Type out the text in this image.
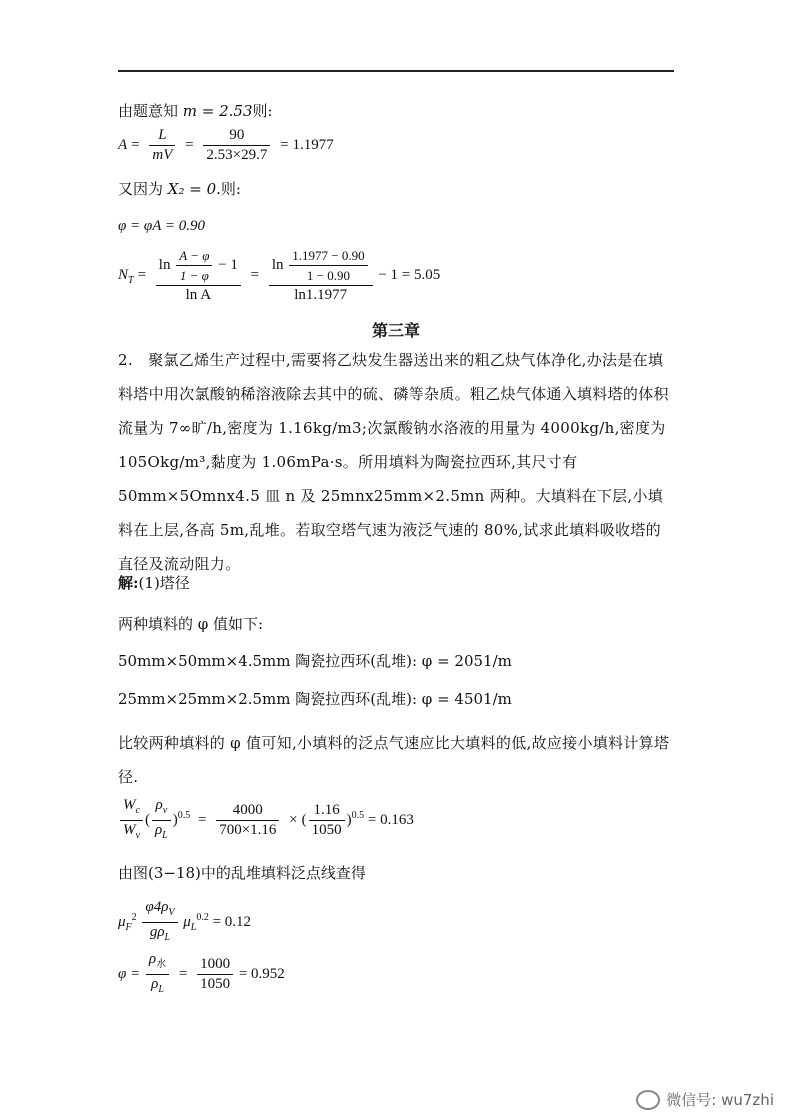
由题意知 m = 2.53则:
$A = \frac{L}{mV} = \frac{90}{2.53\times 29.7} = 1.1977$
又因为 X₂ = 0.则:
φ = φA = 0.90
$N_T = \frac{\ln \frac{A - \varphi}{1 - \varphi} - 1}{\text{ln A}} = \frac{\ln \frac{1.1977 - 0.90}{1 - 0.90}}{\ln 1.1977} - 1 = 5.05$
第三章
2.　聚氯乙烯生产过程中,需要将乙炔发生器送出来的粗乙炔气体净化,办法是在填料塔中用次氯酸钠稀溶液除去其中的硫、磷等杂质。粗乙炔气体通入填料塔的体积流量为 7∞旷/h,密度为 1.16kg/m3;次氯酸钠水洛液的用量为 4000kg/h,密度为 105Okg/m³,黏度为 1.06mPa·s。所用填料为陶瓷拉西环,其尺寸有 50mm×5Omnx4.5 皿 n 及 25mnx25mm×2.5mn 两种。大填料在下层,小填料在上层,各高 5m,乱堆。若取空塔气速为液泛气速的 80%,试求此填料吸收塔的直径及流动阻力。
解:(1)塔径
两种填料的 φ 值如下:
50mm×50mm×4.5mm 陶瓷拉西环(乱堆): φ = 2051/m
25mm×25mm×2.5mm 陶瓷拉西环(乱堆): φ = 4501/m
比较两种填料的 φ 值可知,小填料的泛点气速应比大填料的低,故应接小填料计算塔径.
$\frac{W_c}{W_v}$ ( $\frac{\rho_v}{\rho_L} )^{0.5} = \frac{4000}{700\times 1.16}$ × ( $\frac{1.16}{1050} )^{0.5} = 0.163$
由图(3−18)中的乱堆填料泛点线查得
$\mu_F^2 \frac{\varphi 4\rho_V}{g\rho_L} \mu_L^{0.2} = 0.12$
$\varphi = \frac{\rho_水}{\rho_L} = \frac{1000}{1050} = 0.952$
微信号: wu7zhi
